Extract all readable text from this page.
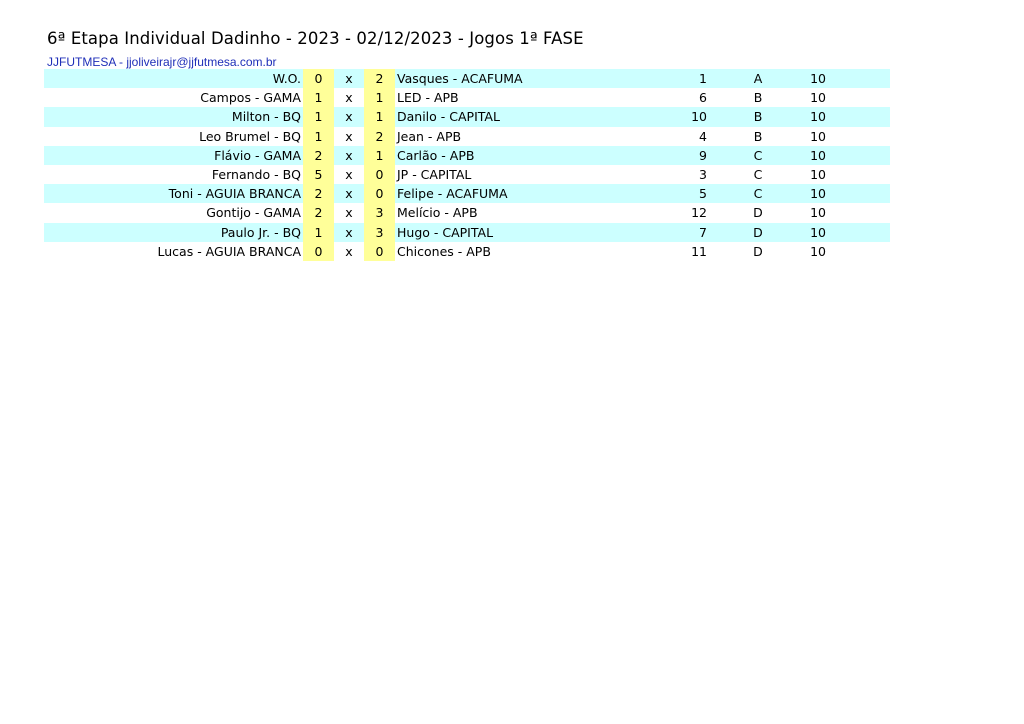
6ª Etapa Individual Dadinho - 2023 - 02/12/2023 - Jogos 1ª FASE
JJFUTMESA - jjoliveirajr@jjfutmesa.com.br
W.O.	0	x	2	Vasques - ACAFUMA	1	A	10
Campos - GAMA	1	x	1	LED - APB	6	B	10
Milton - BQ	1	x	1	Danilo - CAPITAL	10	B	10
Leo Brumel - BQ	1	x	2	Jean - APB	4	B	10
Flávio - GAMA	2	x	1	Carlão - APB	9	C	10
Fernando - BQ	5	x	0	JP - CAPITAL	3	C	10
Toni - AGUIA BRANCA	2	x	0	Felipe - ACAFUMA	5	C	10
Gontijo - GAMA	2	x	3	Melício - APB	12	D	10
Paulo Jr. - BQ	1	x	3	Hugo - CAPITAL	7	D	10
Lucas - AGUIA BRANCA	0	x	0	Chicones - APB	11	D	10
